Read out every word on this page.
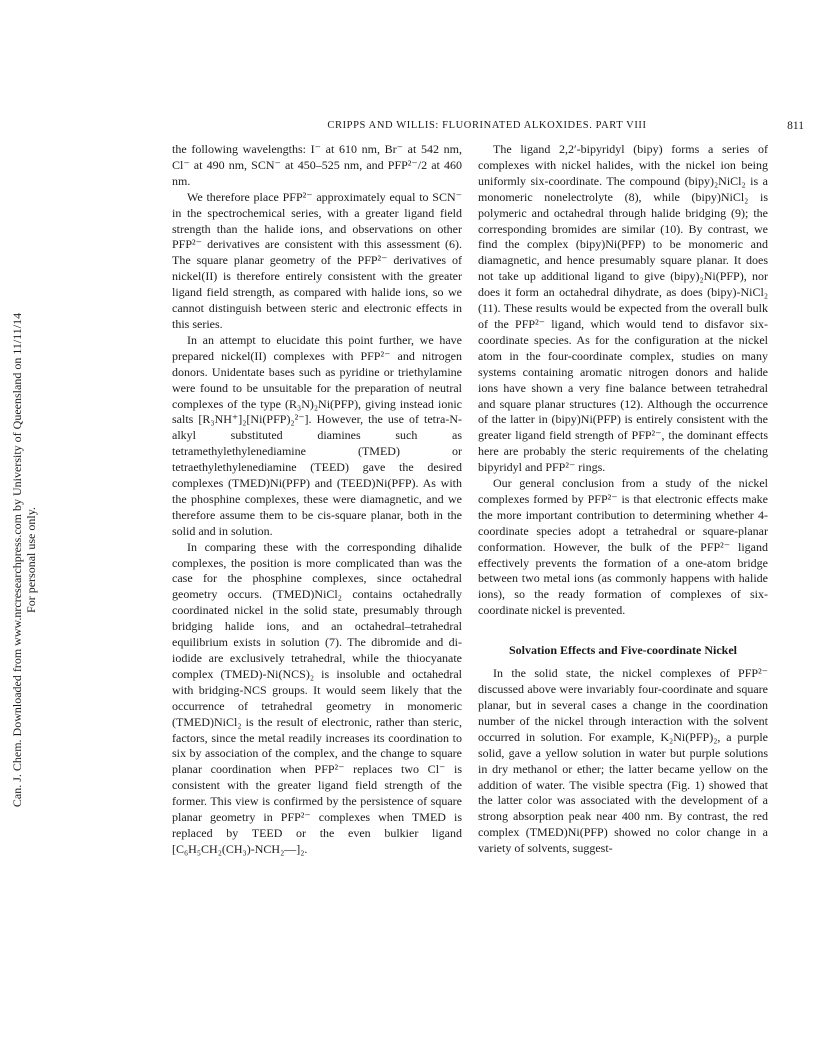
CRIPPS AND WILLIS: FLUORINATED ALKOXIDES. PART VIII	811
Can. J. Chem. Downloaded from www.nrcresearchpress.com by University of Queensland on 11/11/14 For personal use only.

the following wavelengths: I⁻ at 610 nm, Br⁻ at 542 nm, Cl⁻ at 490 nm, SCN⁻ at 450–525 nm, and PFP²⁻/2 at 460 nm.

We therefore place PFP²⁻ approximately equal to SCN⁻ in the spectrochemical series, with a greater ligand field strength than the halide ions, and observations on other PFP²⁻ derivatives are consistent with this assessment (6). The square planar geometry of the PFP²⁻ derivatives of nickel(II) is therefore entirely consistent with the greater ligand field strength, as compared with halide ions, so we cannot distinguish between steric and electronic effects in this series.

In an attempt to elucidate this point further, we have prepared nickel(II) complexes with PFP²⁻ and nitrogen donors. Unidentate bases such as pyridine or triethylamine were found to be unsuitable for the preparation of neutral complexes of the type (R₃N)₂Ni(PFP), giving instead ionic salts [R₃NH⁺]₂[Ni(PFP)₂²⁻]. However, the use of tetra-N-alkyl substituted diamines such as tetramethylethylenediamine (TMED) or tetraethylethylenediamine (TEED) gave the desired complexes (TMED)Ni(PFP) and (TEED)Ni(PFP). As with the phosphine complexes, these were diamagnetic, and we therefore assume them to be cis-square planar, both in the solid and in solution.

In comparing these with the corresponding dihalide complexes, the position is more complicated than was the case for the phosphine complexes, since octahedral geometry occurs. (TMED)NiCl₂ contains octahedrally coordinated nickel in the solid state, presumably through bridging halide ions, and an octahedral–tetrahedral equilibrium exists in solution (7). The dibromide and di-iodide are exclusively tetrahedral, while the thiocyanate complex (TMED)-Ni(NCS)₂ is insoluble and octahedral with bridging-NCS groups. It would seem likely that the occurrence of tetrahedral geometry in monomeric (TMED)NiCl₂ is the result of electronic, rather than steric, factors, since the metal readily increases its coordination to six by association of the complex, and the change to square planar coordination when PFP²⁻ replaces two Cl⁻ is consistent with the greater ligand field strength of the former. This view is confirmed by the persistence of square planar geometry in PFP²⁻ complexes when TMED is replaced by TEED or the even bulkier ligand [C₆H₅CH₂(CH₃)-NCH₂—]₂.

The ligand 2,2′-bipyridyl (bipy) forms a series of complexes with nickel halides, with the nickel ion being uniformly six-coordinate. The compound (bipy)₂NiCl₂ is a monomeric nonelectrolyte (8), while (bipy)NiCl₂ is polymeric and octahedral through halide bridging (9); the corresponding bromides are similar (10). By contrast, we find the complex (bipy)Ni(PFP) to be monomeric and diamagnetic, and hence presumably square planar. It does not take up additional ligand to give (bipy)₂Ni(PFP), nor does it form an octahedral dihydrate, as does (bipy)-NiCl₂ (11). These results would be expected from the overall bulk of the PFP²⁻ ligand, which would tend to disfavor six-coordinate species. As for the configuration at the nickel atom in the four-coordinate complex, studies on many systems containing aromatic nitrogen donors and halide ions have shown a very fine balance between tetrahedral and square planar structures (12). Although the occurrence of the latter in (bipy)Ni(PFP) is entirely consistent with the greater ligand field strength of PFP²⁻, the dominant effects here are probably the steric requirements of the chelating bipyridyl and PFP²⁻ rings.

Our general conclusion from a study of the nickel complexes formed by PFP²⁻ is that electronic effects make the more important contribution to determining whether 4-coordinate species adopt a tetrahedral or square-planar conformation. However, the bulk of the PFP²⁻ ligand effectively prevents the formation of a one-atom bridge between two metal ions (as commonly happens with halide ions), so the ready formation of complexes of six-coordinate nickel is prevented.

Solvation Effects and Five-coordinate Nickel

In the solid state, the nickel complexes of PFP²⁻ discussed above were invariably four-coordinate and square planar, but in several cases a change in the coordination number of the nickel through interaction with the solvent occurred in solution. For example, K₂Ni(PFP)₂, a purple solid, gave a yellow solution in water but purple solutions in dry methanol or ether; the latter became yellow on the addition of water. The visible spectra (Fig. 1) showed that the latter color was associated with the development of a strong absorption peak near 400 nm. By contrast, the red complex (TMED)Ni(PFP) showed no color change in a variety of solvents, suggest-
